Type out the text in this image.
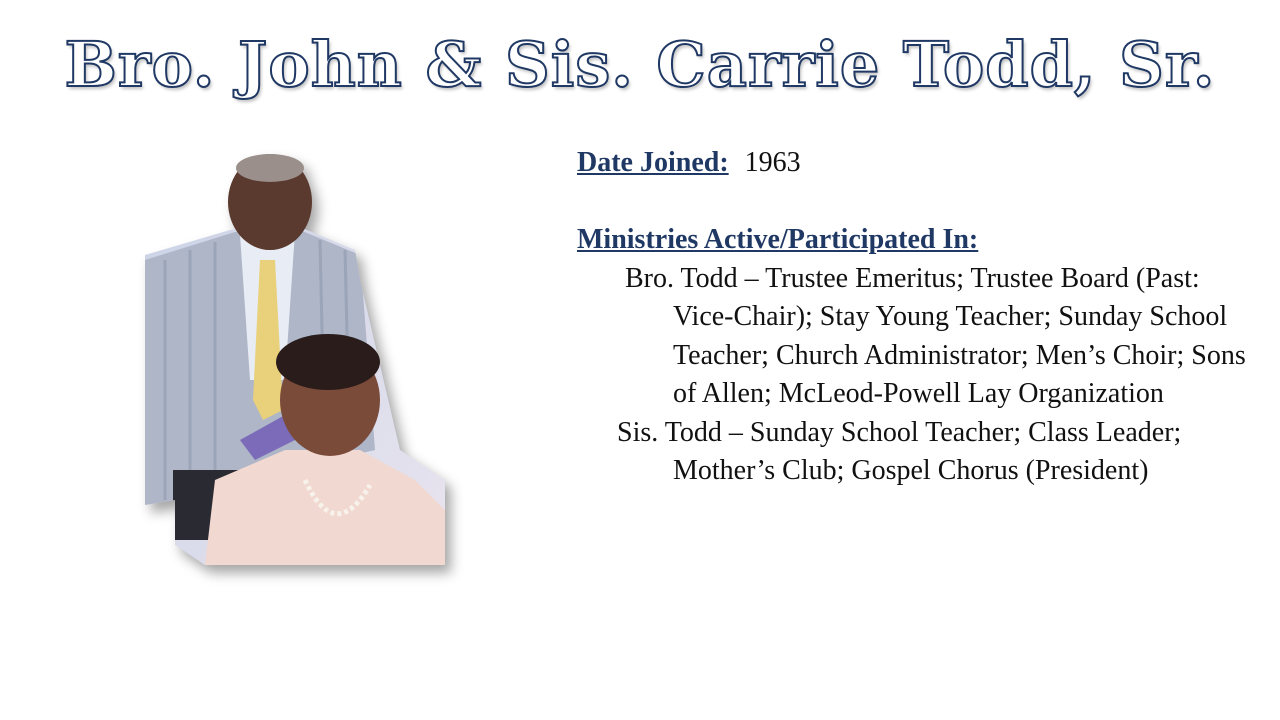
Bro. John & Sis. Carrie Todd, Sr.
Date Joined: 1963
Ministries Active/Participated In:
Bro. Todd – Trustee Emeritus; Trustee Board (Past: Vice-Chair); Stay Young Teacher; Sunday School Teacher; Church Administrator; Men’s Choir; Sons of Allen; McLeod-Powell Lay Organization
Sis. Todd – Sunday School Teacher; Class Leader; Mother’s Club; Gospel Chorus (President)
